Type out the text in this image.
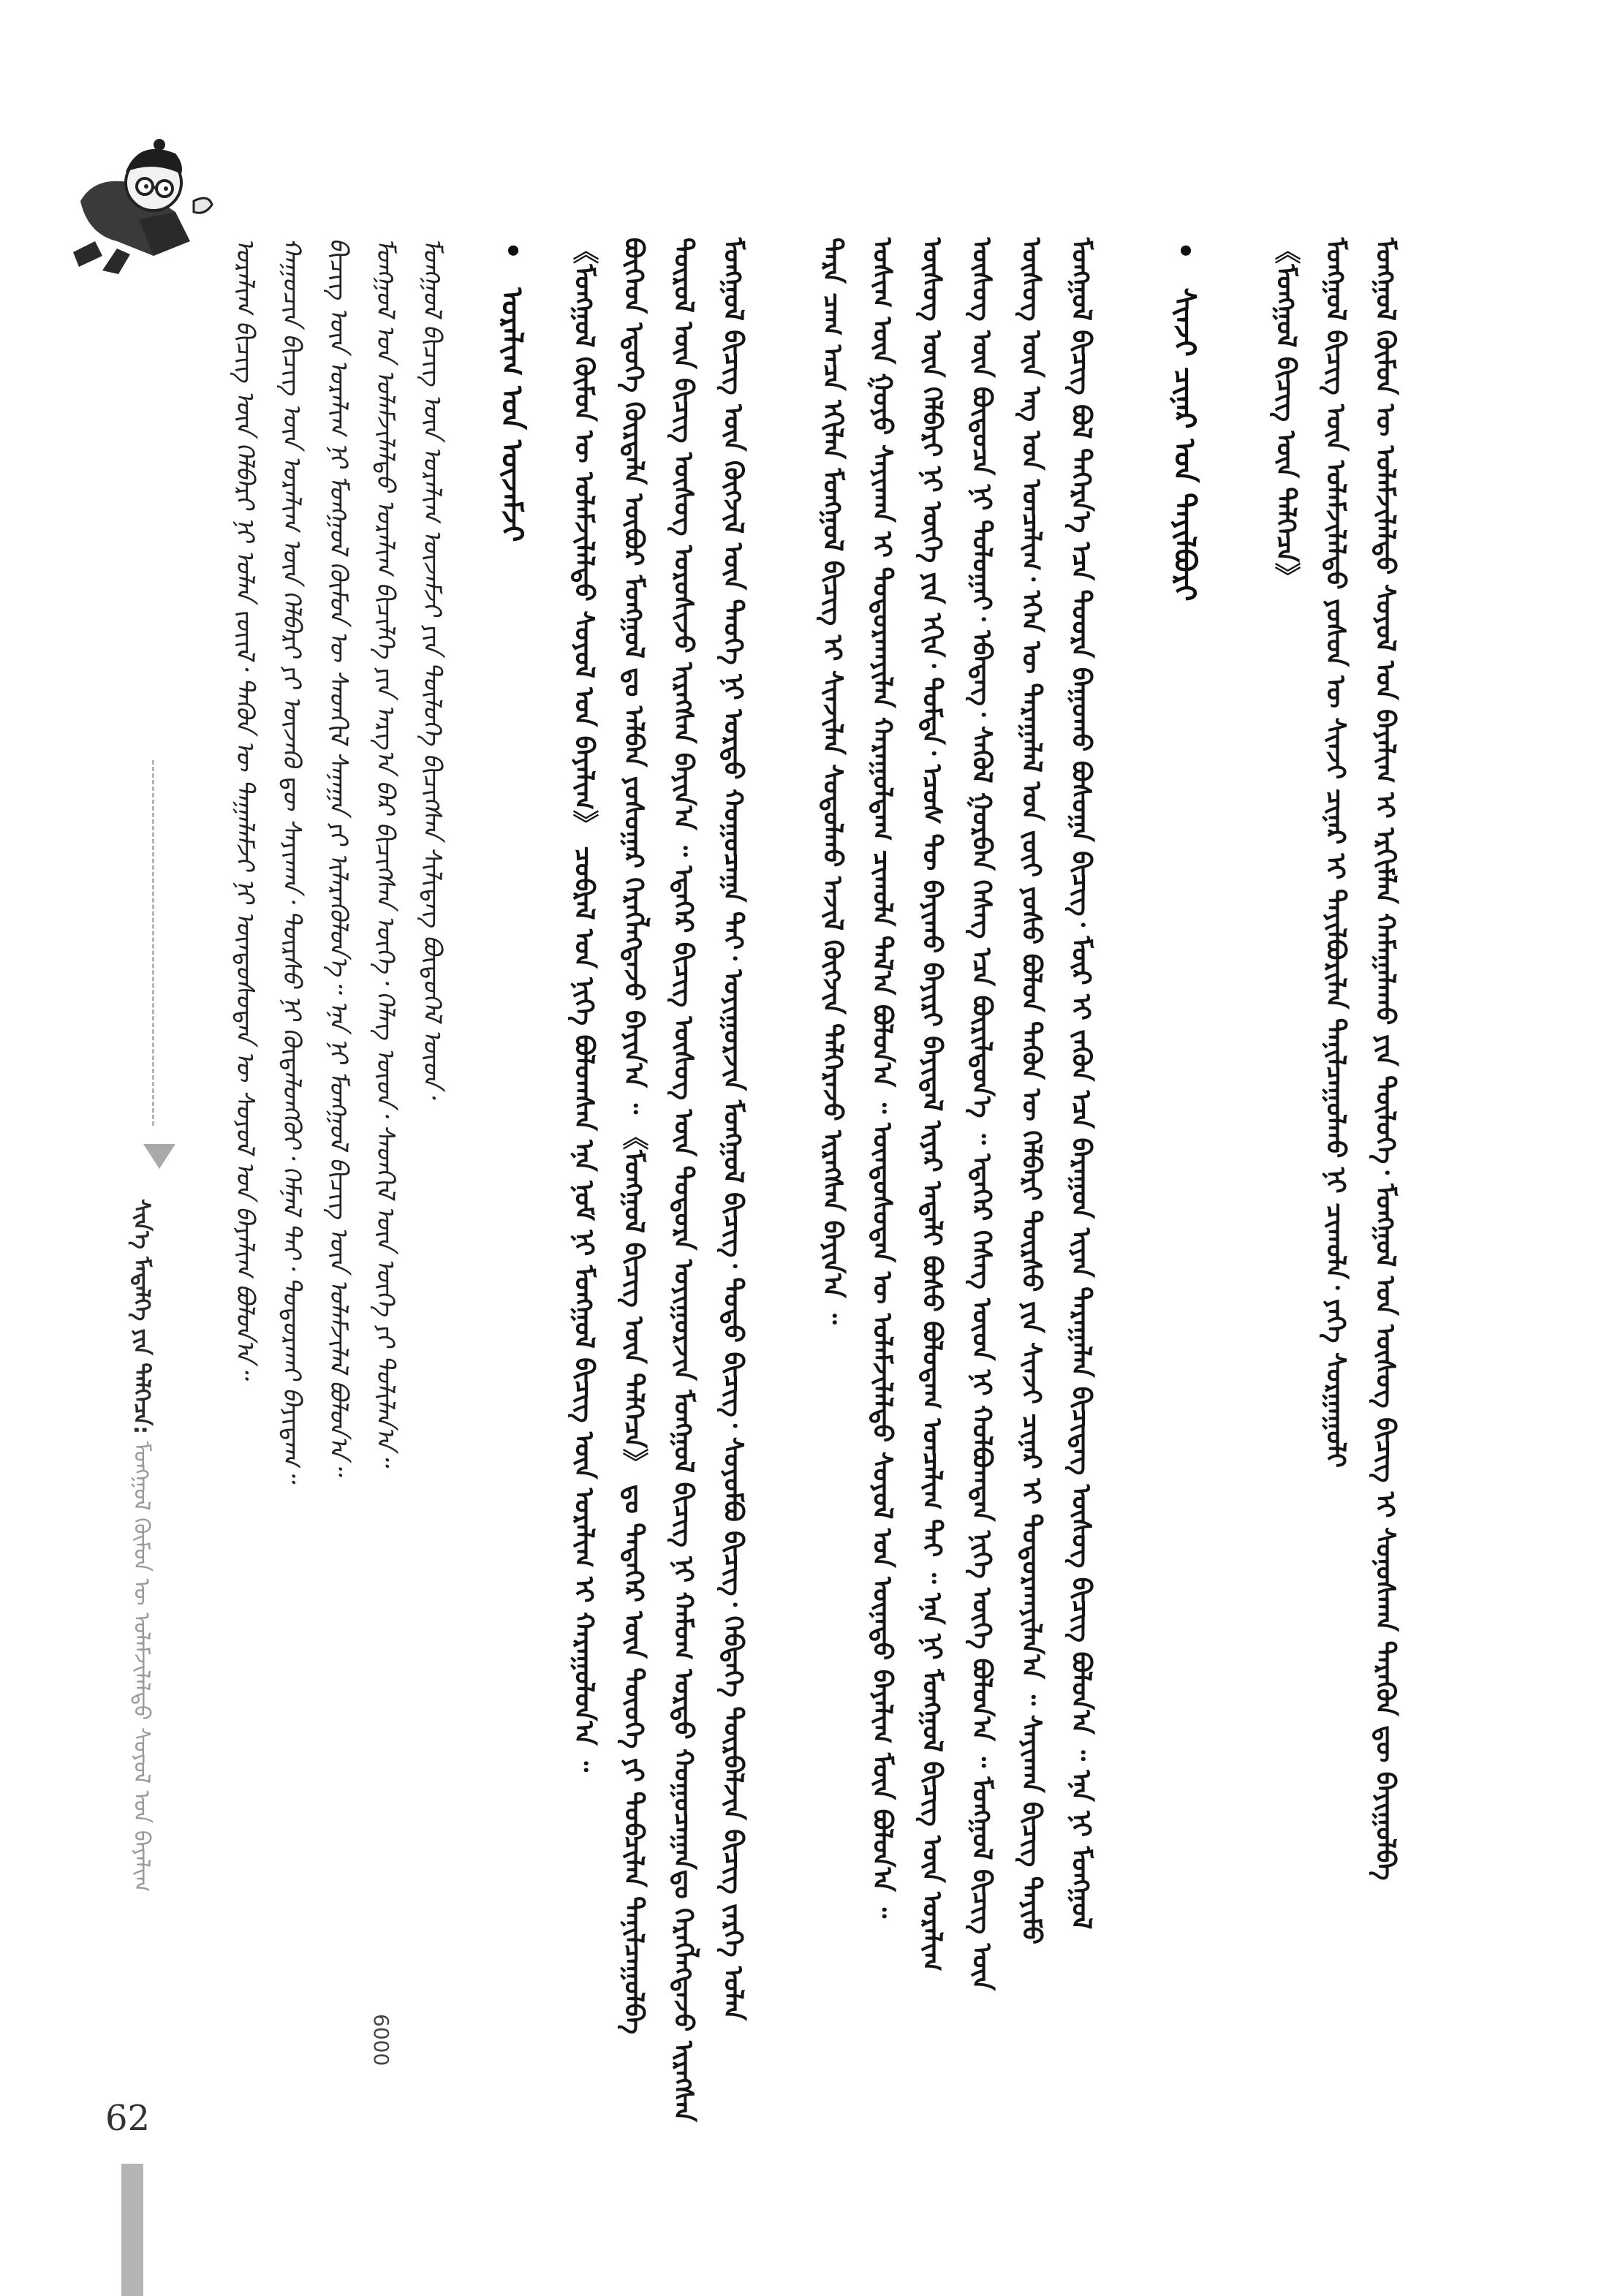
ᠰᠢᠨ᠎ᠡ ᠮᠡᠳᠡᠯᠭᠡ ᠶᠢᠨ ᠳᠡᠯᠭᠡᠴᠡ: ᠮᠣᠩᠭᠣᠯ ᠬᠦᠮᠦᠨ ᠦ ᠤᠯᠠᠮᠵᠢᠯᠠᠯᠲᠤ ᠰᠣᠶᠣᠯ ᠤᠨ ᠪᠠᠶᠠᠯᠢᠭ
ᠤᠷᠠᠯᠢᠭ ᠪᠢᠴᠢᠭ ᠦᠨ ᠬᠡᠯᠪᠡᠷᠢ ᠨᠢ ᠣᠯᠠᠨ ᠵᠦᠢᠯ᠂ ᠲᠡᠭᠦᠨ ᠦ ᠲᠠᠭᠠᠯᠠᠮᠵᠢ ᠨᠢ ᠦᠨᠳᠦᠰᠦᠲᠡᠨ ᠦ ᠰᠣᠶᠣᠯ ᠤᠨ ᠪᠠᠶᠠᠯᠢᠭ ᠪᠣᠯᠤᠨ᠎ᠠ᠃ ᠬᠠᠭᠤᠴᠢᠨ ᠪᠢᠴᠢᠭ ᠦᠨ ᠤᠷᠠᠯᠢᠭ ᠦᠨ ᠬᠡᠯᠪᠡᠷᠢ ᠶᠢ ᠦᠵᠡᠬᠦ ᠳᠦ ᠰᠠᠶᠢᠬᠠᠨ᠂ ᠳᠦᠷᠰᠦ ᠨᠢ ᠬᠥᠳᠡᠯᠦᠩᠭᠦᠢ᠂ ᠬᠡᠮᠨᠡᠯ ᠲᠡᠢ᠂ ᠲᠣᠳᠣᠷᠬᠠᠢ ᠪᠠᠶᠢᠳᠠᠭ᠃ ᠪᠢᠴᠢᠭ ᠦᠨ ᠤᠷᠠᠯᠢᠭ ᠨᠢ ᠮᠣᠩᠭᠣᠯ ᠬᠦᠮᠦᠨ ᠦ ᠰᠡᠳᠬᠢᠯ ᠰᠠᠨᠠᠭᠠ ᠶᠢ ᠢᠯᠡᠷᠡᠭᠦᠯᠦᠨ᠎ᠡ᠃ ᠡᠨᠡ ᠨᠢ ᠮᠣᠩᠭᠣᠯ ᠪᠢᠴᠢᠭ ᠦᠨ ᠤᠯᠠᠮᠵᠢᠯᠠᠯ ᠪᠣᠯᠤᠨ᠎ᠠ᠃ ᠮᠣᠩᠭᠣᠯ ᠤᠨ ᠤᠯᠠᠮᠵᠢᠯᠠᠯᠲᠤ ᠤᠷᠠᠯᠢᠭ ᠪᠢᠴᠢᠯᠭᠡ ᠶᠢᠨ ᠠᠷᠭ᠎ᠠ ᠪᠠᠷ ᠪᠢᠴᠢᠭᠰᠡᠨ ᠦᠭᠡ᠂ ᠬᠡᠯᠡᠭ ᠦᠳ᠂ ᠰᠡᠳᠬᠢᠯ ᠦᠨ ᠦᠭᠡ ᠶᠢ ᠲᠣᠯᠢᠯᠠᠨ᠎ᠠ᠃
6000
ᠮᠣᠩᠭᠣᠯ ᠪᠢᠴᠢᠭ ᠦᠨ ᠤᠷᠠᠯᠢᠭ ᠦᠵᠡᠮᠵᠢ ᠶᠢᠨ ᠲᠥᠯᠥᠭᠡ ᠪᠢᠴᠢᠭᠰᠡᠨ ᠰᠢᠯᠢᠳᠡᠭ ᠪᠦᠲᠦᠭᠡᠯ ᠦᠳ᠂	• ᠤᠷᠠᠯᠢᠭ ᠤᠨ ᠦᠵᠡᠮᠵᠢ 《ᠮᠣᠩᠭᠣᠯ ᠬᠦᠮᠦᠨ ᠦ ᠤᠯᠠᠮᠵᠢᠯᠠᠯᠲᠤ ᠰᠣᠶᠣᠯ ᠤᠨ ᠪᠠᠶᠠᠯᠢᠭ》 ᠴᠤᠪᠷᠠᠯ ᠤᠨ ᠨᠢᠭᠡ ᠪᠣᠯᠤᠭᠰᠠᠨ ᠡᠨᠡ ᠨᠣᠮ ᠨᠢ ᠮᠣᠩᠭᠣᠯ ᠪᠢᠴᠢᠭ ᠦᠨ ᠤᠷᠠᠯᠢᠭ ᠢ ᠬᠠᠷᠠᠭᠤᠯᠤᠨ᠎ᠠ ᠃ ᠪᠥᠭᠡᠳ ᠡᠳᠦᠭᠡ ᠬᠦᠷᠲᠡᠯᠡ ᠥᠪᠥᠷ ᠮᠣᠩᠭᠣᠯ ᠳᠤ ᠠᠯᠪᠠᠨ ᠶᠣᠰᠣᠭᠠᠷ ᠬᠡᠷᠡᠭᠯᠡᠭᠳᠡᠵᠦ ᠪᠠᠶᠢᠨ᠎ᠠ ᠃ 《ᠮᠣᠩᠭᠣᠯ ᠪᠢᠴᠢᠭ ᠦᠨ ᠳᠡᠯᠭᠡᠴᠡ》 ᠳᠤ ᠲᠡᠳᠡᠭᠡᠷ ᠦᠨ ᠲᠦᠤᠬᠡ ᠶᠢ ᠲᠣᠪᠴᠢᠯᠠᠨ ᠲᠠᠨᠢᠯᠴᠠᠭᠤᠯᠪᠠ ᠲᠥᠷᠦᠯ ᠦᠨ ᠪᠢᠴᠢᠭ ᠦᠰᠦᠭ ᠣᠷᠣᠰᠢᠵᠤ ᠢᠷᠡᠭᠰᠡᠨ ᠪᠠᠶᠢᠨ᠎ᠠ ᠃ ᠡᠳᠡᠭᠡᠷ ᠪᠢᠴᠢᠭ ᠦᠰᠦᠭ ᠦᠨ ᠳᠣᠲᠣᠷᠠ ᠤᠶᠢᠭᠤᠷᠵᠢᠨ ᠮᠣᠩᠭᠣᠯ ᠪᠢᠴᠢᠭ ᠨᠢ ᠬᠠᠮᠤᠭ ᠤᠷᠲᠤ ᠬᠤᠭᠤᠴᠠᠭᠠᠨ᠎ᠳᠤ ᠬᠡᠷᠡᠭᠯᠡᠭᠳᠡᠵᠦ ᠢᠷᠡᠭᠰᠡᠨ ᠮᠣᠩᠭᠣᠯ ᠪᠢᠴᠢᠭ ᠦᠨ ᠬᠥᠭᠵᠢᠯ ᠦᠨ ᠲᠡᠦᠬᠡ ᠨᠢ ᠤᠷᠲᠤ ᠬᠤᠭᠤᠴᠠᠭᠠ ᠲᠠᠢ᠂ ᠤᠶᠢᠭᠤᠷᠵᠢᠨ ᠮᠣᠩᠭᠣᠯ ᠪᠢᠴᠢᠭ᠂ ᠲᠣᠳᠣ ᠪᠢᠴᠢᠭ᠂ ᠰᠣᠶᠣᠮᠪᠣ ᠪᠢᠴᠢᠭ᠂ ᠬᠡᠪᠲᠡᠭᠡ ᠳᠦᠷᠪᠡᠯᠵᠢᠨ ᠪᠢᠴᠢᠭ ᠵᠡᠷᠭᠡ ᠣᠯᠠᠨ	ᠲᠡᠷᠡ ᠴᠠᠭ ᠠᠴᠠ ᠡᠬᠢᠯᠡᠨ ᠮᠣᠩᠭᠣᠯ ᠪᠢᠴᠢᠭ ᠢ ᠰᠢᠨᠵᠢᠯᠡᠨ ᠰᠤᠳᠤᠯᠬᠤ ᠠᠵᠢᠯ ᠬᠥᠭᠵᠢᠨ ᠳᠡᠯᠭᠡᠷᠡᠵᠦ ᠢᠷᠡᠭᠰᠡᠨ ᠪᠠᠶᠢᠨ᠎ᠠ ᠃ ᠤᠰᠢᠭ ᠦᠨ ᠭᠣᠶᠣ ᠰᠠᠶᠢᠬᠠᠨ ᠢ ᠲᠣᠳᠣᠷᠬᠠᠶᠢᠯᠠᠨ ᠬᠠᠷᠠᠭᠤᠯᠳᠠᠭ ᠴᠢᠬᠤᠯᠠ ᠲᠠᠯ᠎ᠠ ᠪᠣᠯᠤᠨ᠎ᠠ ᠃ ᠦᠨᠳᠦᠰᠦᠲᠡᠨ ᠦ ᠤᠯᠠᠮᠵᠢᠯᠠᠯᠲᠤ ᠰᠣᠶᠣᠯ ᠤᠨ ᠦᠨᠡᠳᠦ ᠪᠠᠶᠠᠯᠢᠭ ᠮᠥᠨ ᠪᠣᠯᠤᠨ᠎ᠠ ᠃ ᠦᠰᠦᠭ ᠦᠨ ᠬᠡᠯᠪᠡᠷᠢ ᠨᠢ ᠦᠭᠡ ᠶᠢᠨ ᠡᠬᠢᠨ᠂ ᠳᠤᠮᠳᠠ᠂ ᠡᠴᠦᠰ ᠲᠦ ᠪᠠᠶᠢᠬᠤ ᠪᠠᠶᠢᠷᠢ ᠪᠠᠶᠢᠳᠠᠯ ᠢᠶᠠᠷ ᠠᠳᠠᠯᠢ ᠪᠤᠰᠤ ᠪᠣᠯᠤᠳᠠᠭ ᠣᠨᠴᠠᠯᠢᠭ ᠲᠠᠢ ᠃ ᠡᠨᠡ ᠨᠢ ᠮᠣᠩᠭᠣᠯ ᠪᠢᠴᠢᠭ ᠦᠨ ᠤᠷᠠᠯᠢᠭ ᠦᠰᠦᠭ ᠦᠨ ᠪᠦᠲᠦᠴᠡ ᠨᠢ ᠲᠣᠯᠣᠭᠠᠢ᠂ ᠡᠪᠡᠳᠡᠭ᠂ ᠰᠡᠭᠦᠯ ᠭᠤᠷᠪᠠᠨ ᠬᠡᠰᠡᠭ ᠡᠴᠡ ᠪᠦᠷᠢᠯᠳᠦᠨ᠎ᠡ ᠃ ᠡᠳᠡᠭᠡᠷ ᠬᠡᠰᠡᠭ ᠦᠳ ᠨᠢ ᠬᠣᠯᠪᠣᠭᠳᠠᠨ ᠨᠢᠭᠡ ᠦᠭᠡ ᠪᠣᠯᠤᠨ᠎ᠠ ᠃ ᠮᠣᠩᠭᠣᠯ ᠪᠢᠴᠢᠭ ᠦᠨ ᠦᠰᠦᠭ ᠦᠨ ᠡᠩ ᠤᠨ ᠣᠨᠴᠠᠯᠢᠭ᠂ ᠡᠭᠡᠨ ᠦ ᠳᠠᠷᠠᠭᠠᠯᠠᠯ ᠤᠨ ᠵᠦᠢ ᠶᠣᠰᠣ ᠪᠣᠯᠤᠨ ᠲᠡᠭᠦᠨ ᠦ ᠬᠡᠯᠪᠡᠷᠢ ᠳᠦᠷᠰᠦ ᠶᠢᠨ ᠰᠢᠨᠵᠢ ᠴᠢᠨᠠᠷ ᠢ ᠲᠣᠳᠣᠷᠬᠠᠶᠢᠯᠠᠨ᠎ᠠ ᠃ ᠰᠠᠶᠢᠬᠠᠨ ᠪᠢᠴᠢᠭ ᠲᠡᠶᠢᠮᠦ ᠮᠣᠩᠭᠣᠯ ᠪᠢᠴᠢᠭ ᠪᠣᠯ ᠳᠡᠭᠡᠷᠡ᠎ᠡ ᠡᠴᠡ ᠳᠣᠣᠷᠠ ᠪᠠᠭᠤᠬᠤ ᠪᠣᠰᠣᠭᠠ ᠪᠢᠴᠢᠭ᠂ ᠮᠥᠷ ᠢ ᠵᠡᠬᠦᠨ ᠡᠴᠡ ᠪᠠᠷᠠᠭᠤᠨ ᠢᠶᠠᠨ ᠳᠠᠷᠠᠭᠠᠯᠠᠨ ᠪᠢᠴᠢᠳᠡᠭ ᠦᠰᠦᠭ ᠪᠢᠴᠢᠭ ᠪᠣᠯᠤᠨ᠎ᠠ ᠃ ᠡᠨᠡ ᠨᠢ ᠮᠣᠩᠭᠣᠯ • ᠰᠢᠨᠵᠢ ᠴᠢᠨᠠᠷ ᠤᠨ ᠲᠠᠶᠢᠯᠪᠤᠷᠢ	《ᠮᠣᠩᠭᠣᠯ ᠪᠢᠴᠢᠭ ᠦᠨ ᠳᠡᠯᠭᠡᠴᠡ》 ᠮᠣᠩᠭᠣᠯ ᠪᠢᠴᠢᠭ ᠦᠨ ᠤᠯᠠᠮᠵᠢᠯᠠᠯᠲᠤ ᠶᠣᠰᠣᠨ ᠦ ᠰᠢᠨᠵᠢ ᠴᠢᠨᠠᠷ ᠢ ᠲᠠᠶᠢᠯᠪᠤᠷᠢᠯᠠᠨ ᠲᠠᠨᠢᠯᠴᠠᠭᠤᠯᠬᠤ ᠨᠢ ᠴᠢᠬᠤᠯᠠ᠂ ᠶᠡᠬᠡ ᠰᠤᠷᠭᠠᠭᠤᠯᠢ ᠮᠣᠩᠭᠣᠯ ᠬᠦᠮᠦᠨ ᠦ ᠤᠯᠠᠮᠵᠢᠯᠠᠯᠲᠤ ᠰᠣᠶᠣᠯ ᠤᠨ ᠪᠠᠶᠠᠯᠢᠭ ᠢ ᠡᠷᠬᠢᠮᠯᠡᠨ ᠬᠠᠮᠠᠭᠠᠯᠠᠬᠤ ᠶᠢᠨ ᠲᠥᠯᠥᠭᠡ᠂ ᠮᠣᠩᠭᠣᠯ ᠤᠨ ᠦᠰᠦᠭ ᠪᠢᠴᠢᠭ ᠢ ᠰᠣᠨᠣᠰᠬᠠᠨ ᠲᠡᠷᠡᠭᠦᠨ ᠳᠦ ᠪᠠᠶᠢᠭᠤᠯᠪᠠ
62
